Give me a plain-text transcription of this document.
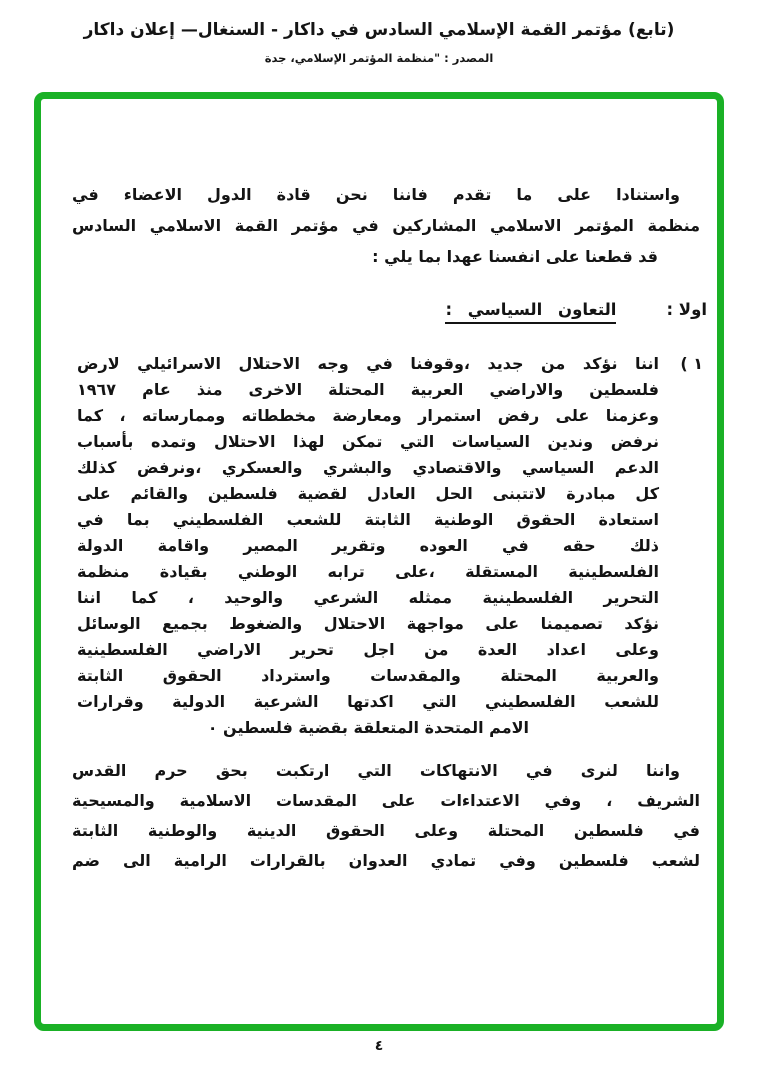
(تابع) مؤتمر القمة الإسلامي السادس في داكار - السنغال— إعلان داكار
المصدر : "منظمة المؤتمر الإسلامي، جدة
واستنادا على ما تقدم فاننا نحن قادة الدول الاعضاء في
منظمة المؤتمر الاسلامي المشاركين في مؤتمر القمة الاسلامي السادس
قد قطعنا على انفسنا عهدا بما يلي :
اولا :
التعاون السياسي :
( ١
اننا نؤكد من جديد ،وقوفنا في وجه الاحتلال الاسرائيلي لارض
فلسطين والاراضي العربية المحتلة الاخرى منذ عام ١٩٦٧
وعزمنا على رفض استمرار ومعارضة مخططاته وممارساته ، كما
نرفض وندين السياسات التي تمكن لهذا الاحتلال وتمده بأسباب
الدعم السياسي والاقتصادي والبشري والعسكري ،ونرفض كذلك
كل مبادرة لاتتبنى الحل العادل لقضية فلسطين والقائم على
استعادة الحقوق الوطنية الثابتة للشعب الفلسطيني بما في
ذلك حقه في العوده وتقرير المصير واقامة الدولة
الفلسطينية المستقلة ،على ترابه الوطني بقيادة منظمة
التحرير الفلسطينية ممثله الشرعي والوحيد ، كما اننا
نؤكد تصميمنا على مواجهة الاحتلال والضغوط بجميع الوسائل
وعلى اعداد العدة من اجل تحرير الاراضي الفلسطينية
والعربية المحتلة والمقدسات واسترداد الحقوق الثابتة
للشعب الفلسطيني التي اكدتها الشرعية الدولية وقرارات
الامم المتحدة المتعلقة بقضية فلسطين ٠
واننا لنرى في الانتهاكات التي ارتكبت بحق حرم القدس
الشريف ، وفي الاعتداءات على المقدسات الاسلامية والمسيحية
في فلسطين المحتلة وعلى الحقوق الدينية والوطنية الثابتة
لشعب فلسطين وفي تمادي العدوان بالقرارات الرامية الى ضم
٤
